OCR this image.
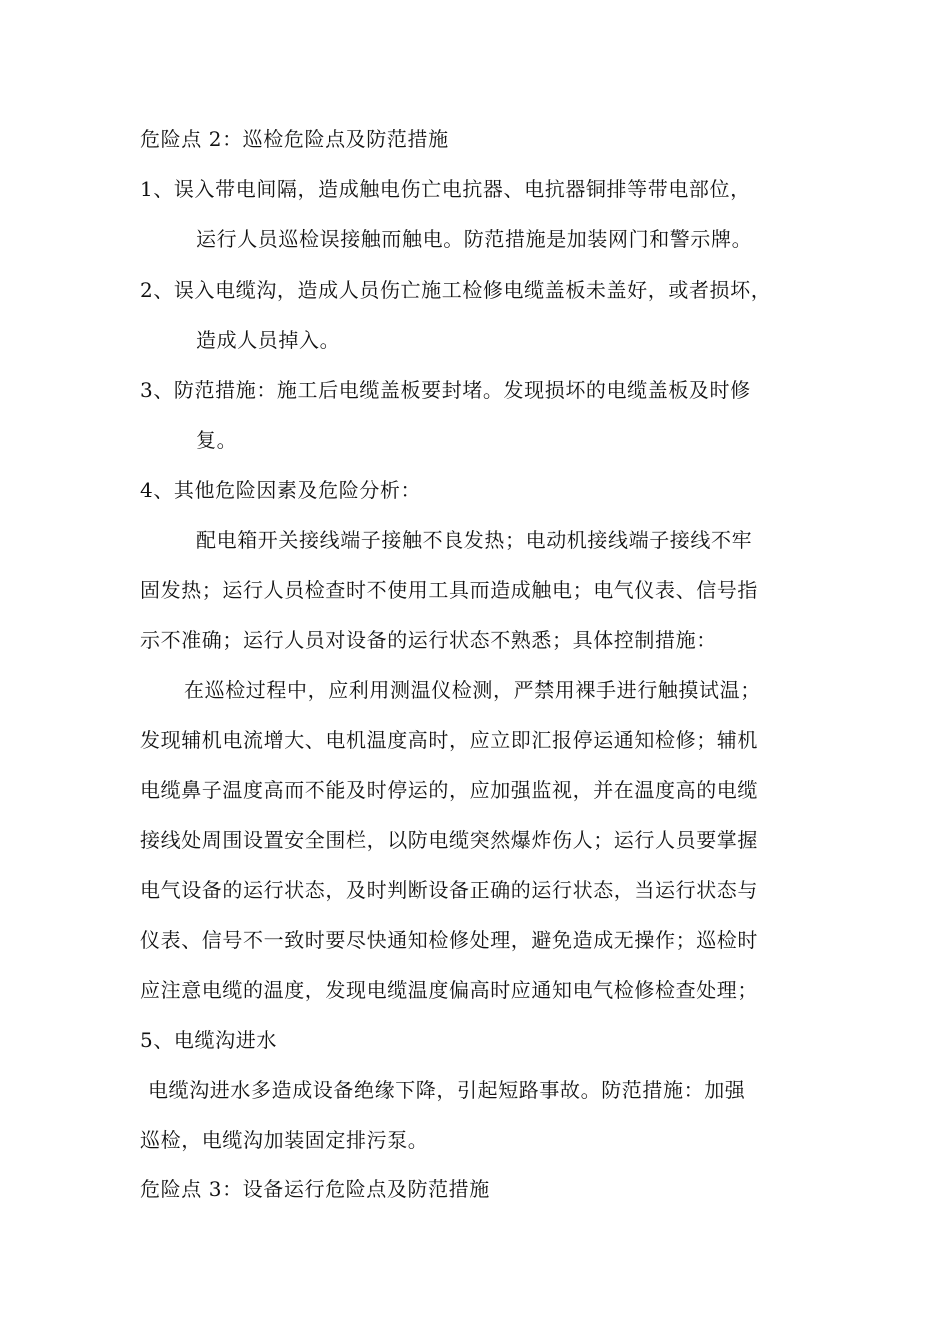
危险点 2：巡检危险点及防范措施
1、误入带电间隔，造成触电伤亡电抗器、电抗器铜排等带电部位，
运行人员巡检误接触而触电。防范措施是加装网门和警示牌。
2、误入电缆沟，造成人员伤亡施工检修电缆盖板未盖好，或者损坏，
造成人员掉入。
3、防范措施：施工后电缆盖板要封堵。发现损坏的电缆盖板及时修
复。
4、其他危险因素及危险分析：
配电箱开关接线端子接触不良发热；电动机接线端子接线不牢
固发热；运行人员检查时不使用工具而造成触电；电气仪表、信号指
示不准确；运行人员对设备的运行状态不熟悉；具体控制措施：
在巡检过程中，应利用测温仪检测，严禁用裸手进行触摸试温；
发现辅机电流增大、电机温度高时，应立即汇报停运通知检修；辅机
电缆鼻子温度高而不能及时停运的，应加强监视，并在温度高的电缆
接线处周围设置安全围栏，以防电缆突然爆炸伤人；运行人员要掌握
电气设备的运行状态，及时判断设备正确的运行状态，当运行状态与
仪表、信号不一致时要尽快通知检修处理，避免造成无操作；巡检时
应注意电缆的温度，发现电缆温度偏高时应通知电气检修检查处理；
5、电缆沟进水
电缆沟进水多造成设备绝缘下降，引起短路事故。防范措施：加强
巡检，电缆沟加装固定排污泵。
危险点 3：设备运行危险点及防范措施
